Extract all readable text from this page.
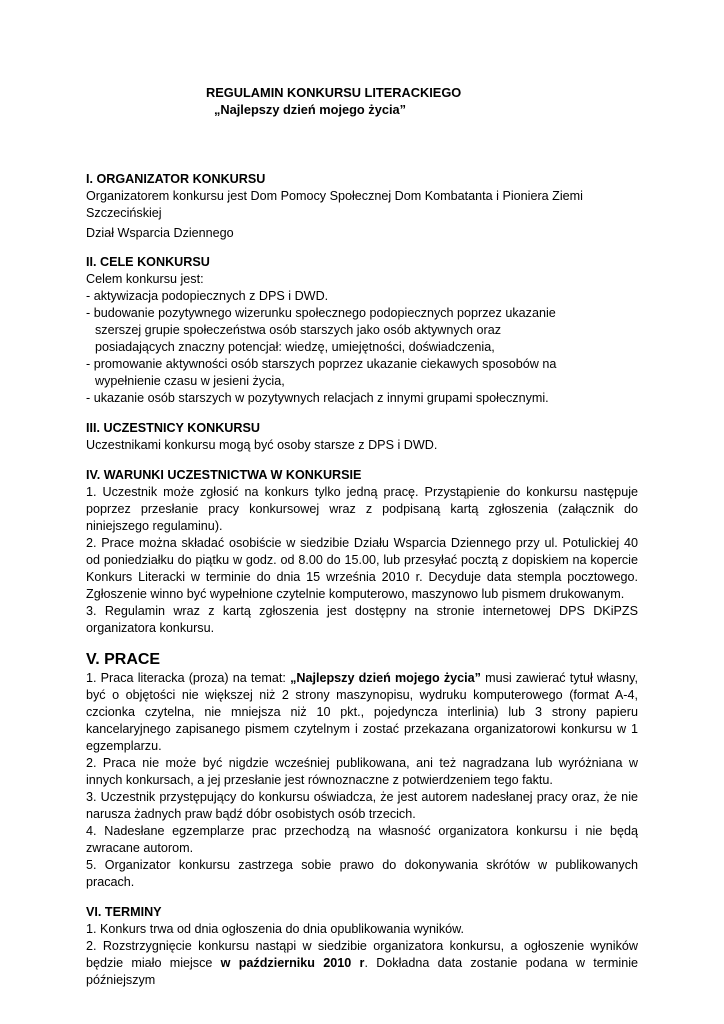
REGULAMIN KONKURSU LITERACKIEGO
„Najlepszy dzień mojego życia”

I. ORGANIZATOR KONKURSU

Organizatorem konkursu jest Dom Pomocy Społecznej Dom Kombatanta i Pioniera Ziemi Szczecińskiej

Dział Wsparcia Dziennego

II. CELE KONKURSU

Celem konkursu jest:

- aktywizacja podopiecznych z DPS i DWD.

- budowanie pozytywnego wizerunku społecznego podopiecznych poprzez ukazanie

szerszej grupie społeczeństwa osób starszych jako osób aktywnych oraz

posiadających znaczny potencjał: wiedzę, umiejętności, doświadczenia,

- promowanie aktywności osób starszych poprzez ukazanie ciekawych sposobów na

wypełnienie czasu w jesieni życia,

- ukazanie osób starszych w pozytywnych relacjach z innymi grupami społecznymi.

III. UCZESTNICY KONKURSU

Uczestnikami konkursu mogą być osoby starsze z DPS i DWD.

IV. WARUNKI UCZESTNICTWA W KONKURSIE

1. Uczestnik może zgłosić na konkurs tylko jedną pracę. Przystąpienie do konkursu następuje poprzez przesłanie pracy konkursowej wraz z podpisaną kartą zgłoszenia (załącznik do niniejszego regulaminu).

2. Prace można składać osobiście w siedzibie Działu Wsparcia Dziennego przy ul. Potulickiej 40 od poniedziałku do piątku w godz. od 8.00 do 15.00, lub przesyłać pocztą z dopiskiem na kopercie Konkurs Literacki w terminie do dnia 15 września 2010 r. Decyduje data stempla pocztowego. Zgłoszenie winno być wypełnione czytelnie komputerowo, maszynowo lub pismem drukowanym.

3. Regulamin wraz z kartą zgłoszenia jest dostępny na stronie internetowej DPS DKiPZS organizatora konkursu.

V. PRACE

1. Praca literacka (proza) na temat: „Najlepszy dzień mojego życia” musi zawierać tytuł własny, być o objętości nie większej niż 2 strony maszynopisu, wydruku komputerowego (format A-4, czcionka czytelna, nie mniejsza niż 10 pkt., pojedyncza interlinia) lub 3 strony papieru kancelaryjnego zapisanego pismem czytelnym i zostać przekazana organizatorowi konkursu w 1 egzemplarzu.

2. Praca nie może być nigdzie wcześniej publikowana, ani też nagradzana lub wyróżniana w innych konkursach, a jej przesłanie jest równoznaczne z potwierdzeniem tego faktu.

3. Uczestnik przystępujący do konkursu oświadcza, że jest autorem nadesłanej pracy oraz, że nie narusza żadnych praw bądź dóbr osobistych osób trzecich.

4. Nadesłane egzemplarze prac przechodzą na własność organizatora konkursu i nie będą zwracane autorom.

5. Organizator konkursu zastrzega sobie prawo do dokonywania skrótów w publikowanych pracach.

VI. TERMINY

1. Konkurs trwa od dnia ogłoszenia do dnia opublikowania wyników.

2. Rozstrzygnięcie konkursu nastąpi w siedzibie organizatora konkursu, a ogłoszenie wyników będzie miało miejsce w październiku 2010 r. Dokładna data zostanie podana w terminie późniejszym
